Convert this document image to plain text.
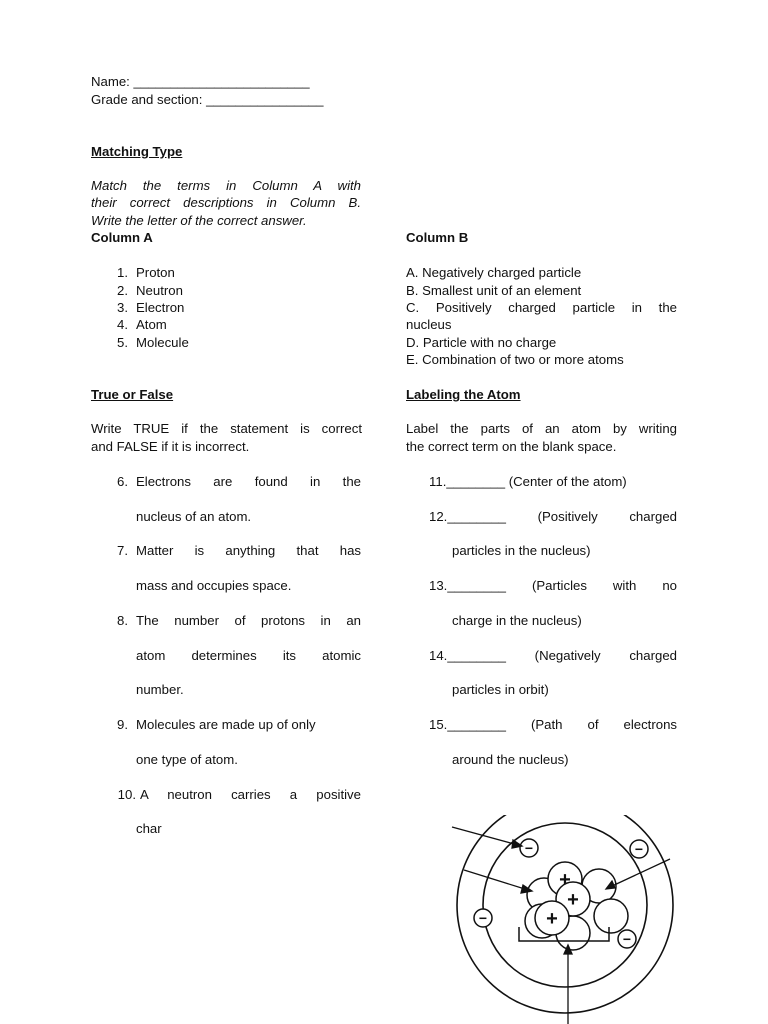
Name: ________________________
Grade and section: ________________
Matching Type
Match the terms in Column A with
their correct descriptions in Column B.
Write the letter of the correct answer.
Column A	Column B
1. Proton
2. Neutron
3. Electron
4. Atom
5. Molecule
A. Negatively charged particle
B. Smallest unit of an element
C. Positively charged particle in the
nucleus
D. Particle with no charge
E. Combination of two or more atoms
True or False
Write TRUE if the statement is correct
and FALSE if it is incorrect.
6. Electrons are found in the
nucleus of an atom.
7. Matter is anything that has
mass and occupies space.
8. The number of protons in an
atom determines its atomic
number.
9. Molecules are made up of only
one type of atom.
10. A neutron carries a positive
char
Labeling the Atom
Label the parts of an atom by writing
the correct term on the blank space.
11.________ (Center of the atom)
12.________ (Positively charged
particles in the nucleus)
13.________ (Particles with no
charge in the nucleus)
14.________ (Negatively charged
particles in orbit)
15.________ (Path of electrons
around the nucleus)
+
+
+
−	−
−
−
